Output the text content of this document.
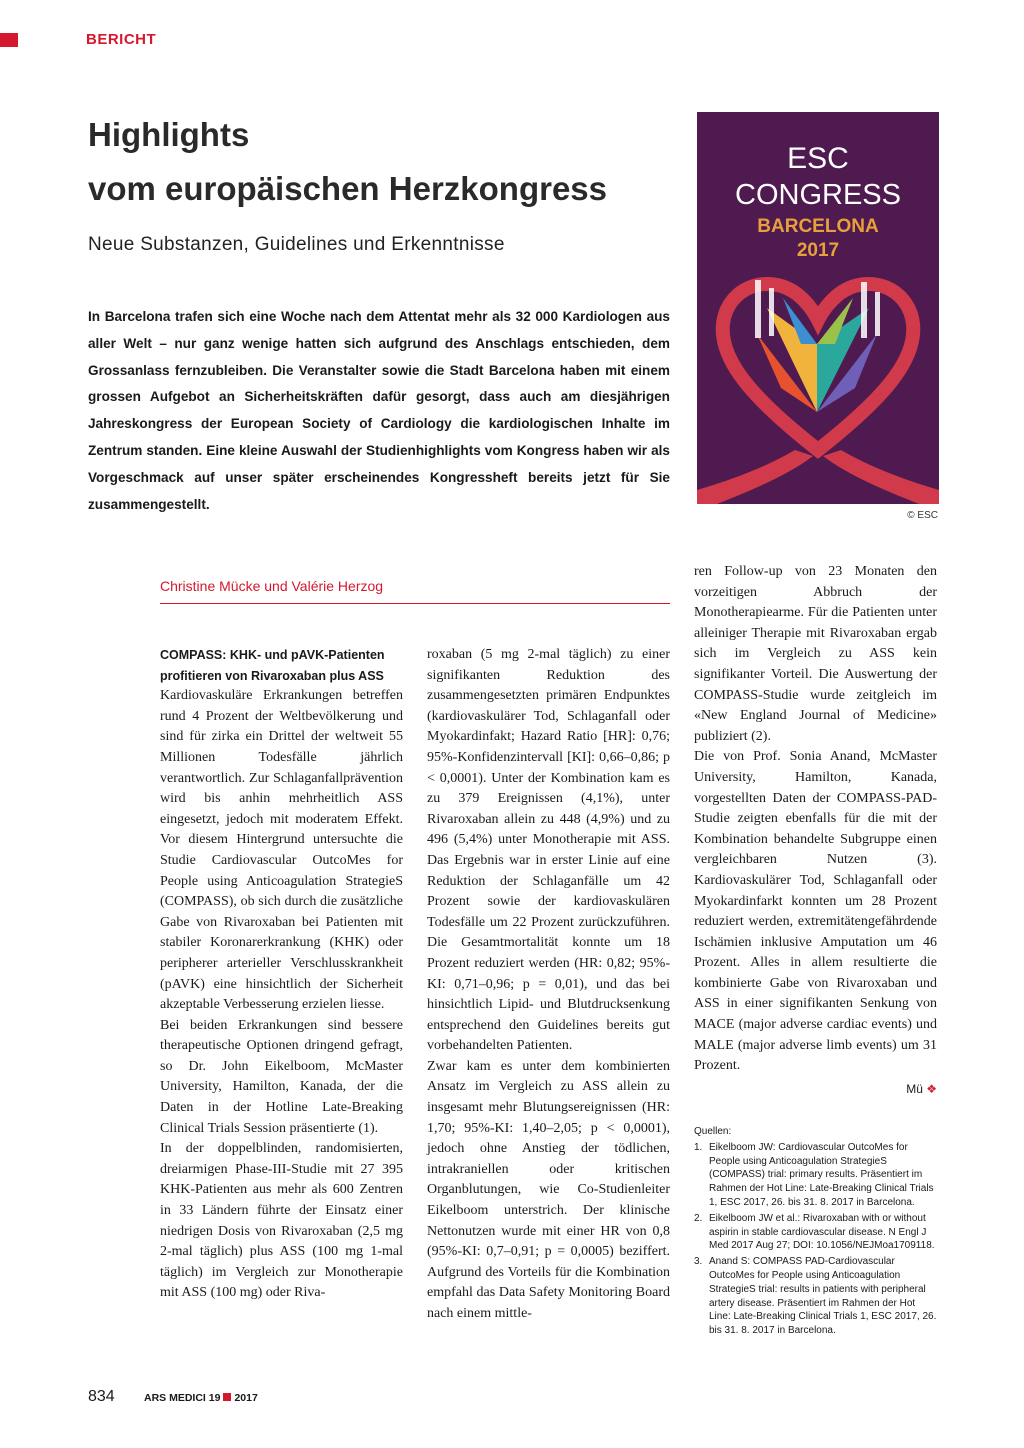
BERICHT
Highlights
vom europäischen Herzkongress
Neue Substanzen, Guidelines und Erkenntnisse

In Barcelona trafen sich eine Woche nach dem Attentat mehr als 32 000 Kardiologen aus aller Welt – nur ganz wenige hatten sich aufgrund des Anschlags entschieden, dem Grossanlass fernzubleiben. Die Veranstalter sowie die Stadt Barcelona haben mit einem grossen Aufgebot an Sicherheitskräften dafür gesorgt, dass auch am diesjährigen Jahreskongress der European Society of Cardiology die kardiologischen Inhalte im Zentrum standen. Eine kleine Auswahl der Studienhighlights vom Kongress haben wir als Vorgeschmack auf unser später erscheinendes Kongressheft bereits jetzt für Sie zusammengestellt.

ESC
CONGRESS
BARCELONA
2017
© ESC
Christine Mücke und Valérie Herzog

COMPASS: KHK- und pAVK-Patienten profitieren von Rivaroxaban plus ASS

Kardiovaskuläre Erkrankungen betreffen rund 4 Prozent der Weltbevölkerung und sind für zirka ein Drittel der weltweit 55 Millionen Todesfälle jährlich verantwortlich. Zur Schlaganfallprävention wird bis anhin mehrheitlich ASS eingesetzt, jedoch mit moderatem Effekt. Vor diesem Hintergrund untersuchte die Studie Cardiovascular OutcoMes for People using Anticoagulation StrategieS (COMPASS), ob sich durch die zusätzliche Gabe von Rivaroxaban bei Patienten mit stabiler Koronarerkrankung (KHK) oder peripherer arterieller Verschlusskrankheit (pAVK) eine hinsichtlich der Sicherheit akzeptable Verbesserung erzielen liesse.

Bei beiden Erkrankungen sind bessere therapeutische Optionen dringend gefragt, so Dr. John Eikelboom, McMaster University, Hamilton, Kanada, der die Daten in der Hotline Late-Breaking Clinical Trials Session präsentierte (1).

In der doppelblinden, randomisierten, dreiarmigen Phase-III-Studie mit 27 395 KHK-Patienten aus mehr als 600 Zentren in 33 Ländern führte der Einsatz einer niedrigen Dosis von Rivaroxaban (2,5 mg 2-mal täglich) plus ASS (100 mg 1-mal täglich) im Vergleich zur Monotherapie mit ASS (100 mg) oder Riva-

roxaban (5 mg 2-mal täglich) zu einer signifikanten Reduktion des zusammengesetzten primären Endpunktes (kardiovaskulärer Tod, Schlaganfall oder Myokardinfakt; Hazard Ratio [HR]: 0,76; 95%-Konfidenzintervall [KI]: 0,66–0,86; p < 0,0001). Unter der Kombination kam es zu 379 Ereignissen (4,1%), unter Rivaroxaban allein zu 448 (4,9%) und zu 496 (5,4%) unter Monotherapie mit ASS. Das Ergebnis war in erster Linie auf eine Reduktion der Schlaganfälle um 42 Prozent sowie der kardiovaskulären Todesfälle um 22 Prozent zurückzuführen. Die Gesamtmortalität konnte um 18 Prozent reduziert werden (HR: 0,82; 95%-KI: 0,71–0,96; p = 0,01), und das bei hinsichtlich Lipid- und Blutdrucksenkung entsprechend den Guidelines bereits gut vorbehandelten Patienten.

Zwar kam es unter dem kombinierten Ansatz im Vergleich zu ASS allein zu insgesamt mehr Blutungsereignissen (HR: 1,70; 95%-KI: 1,40–2,05; p < 0,0001), jedoch ohne Anstieg der tödlichen, intrakraniellen oder kritischen Organblutungen, wie Co-Studienleiter Eikelboom unterstrich. Der klinische Nettonutzen wurde mit einer HR von 0,8 (95%-KI: 0,7–0,91; p = 0,0005) beziffert. Aufgrund des Vorteils für die Kombination empfahl das Data Safety Monitoring Board nach einem mittle-

ren Follow-up von 23 Monaten den vorzeitigen Abbruch der Monotherapiearme. Für die Patienten unter alleiniger Therapie mit Rivaroxaban ergab sich im Vergleich zu ASS kein signifikanter Vorteil. Die Auswertung der COMPASS-Studie wurde zeitgleich im «New England Journal of Medicine» publiziert (2).

Die von Prof. Sonia Anand, McMaster University, Hamilton, Kanada, vorgestellten Daten der COMPASS-PAD-Studie zeigten ebenfalls für die mit der Kombination behandelte Subgruppe einen vergleichbaren Nutzen (3). Kardiovaskulärer Tod, Schlaganfall oder Myokardinfarkt konnten um 28 Prozent reduziert werden, extremitätengefährdende Ischämien inklusive Amputation um 46 Prozent. Alles in allem resultierte die kombinierte Gabe von Rivaroxaban und ASS in einer signifikanten Senkung von MACE (major adverse cardiac events) und MALE (major adverse limb events) um 31 Prozent.

Mü ❖
Quellen:
1. Eikelboom JW: Cardiovascular OutcoMes for People using Anticoagulation StrategieS (COMPASS) trial: primary results. Präsentiert im Rahmen der Hot Line: Late-Breaking Clinical Trials 1, ESC 2017, 26. bis 31. 8. 2017 in Barcelona.
2. Eikelboom JW et al.: Rivaroxaban with or without aspirin in stable cardiovascular disease. N Engl J Med 2017 Aug 27; DOI: 10.1056/NEJMoa1709118.
3. Anand S: COMPASS PAD-Cardiovascular OutcoMes for People using Anticoagulation StrategieS trial: results in patients with peripheral artery disease. Präsentiert im Rahmen der Hot Line: Late-Breaking Clinical Trials 1, ESC 2017, 26. bis 31. 8. 2017 in Barcelona.
834	ARS MEDICI 19 2017
